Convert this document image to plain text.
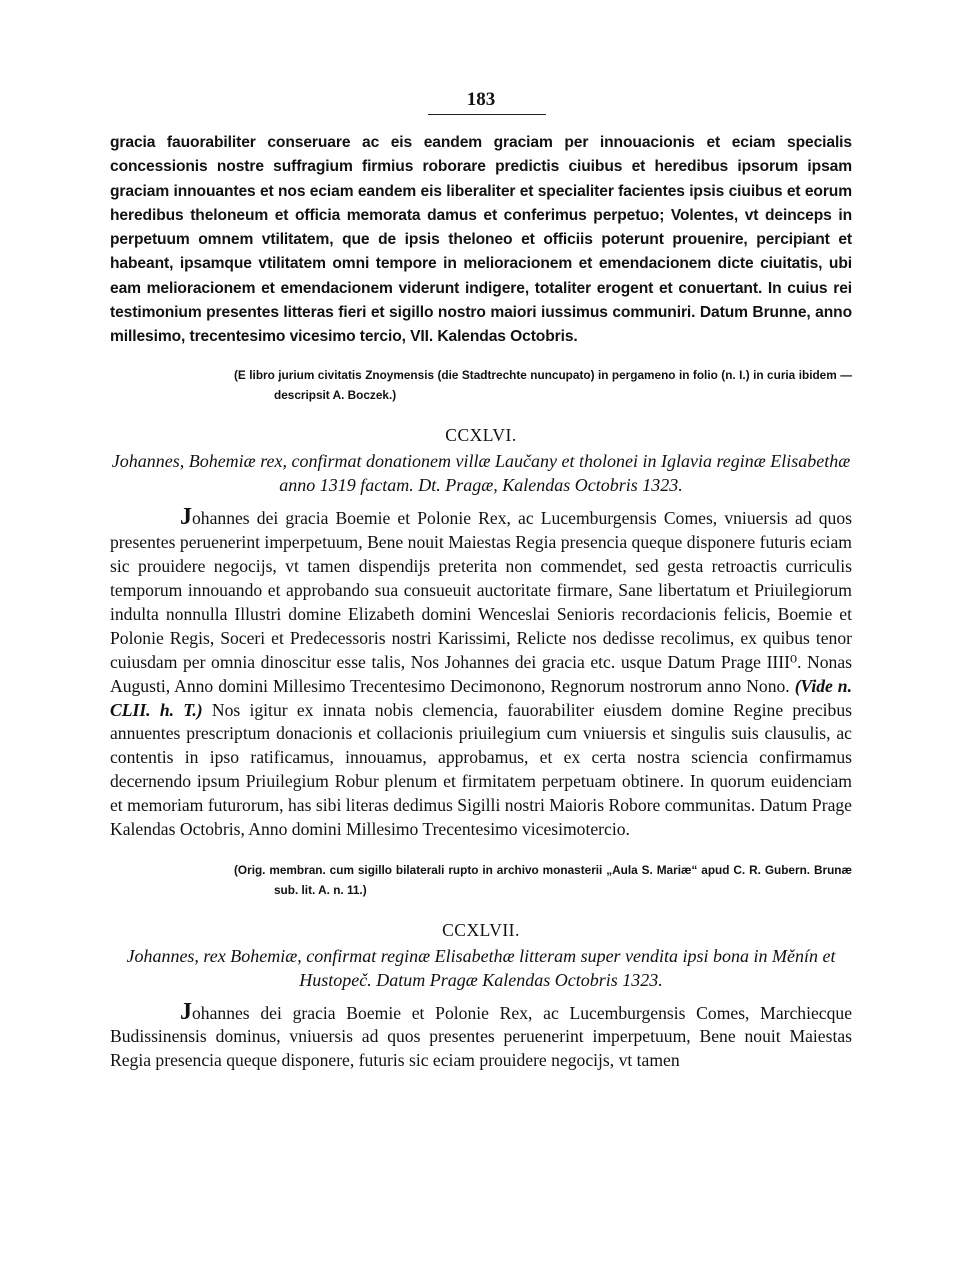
183

gracia fauorabiliter conseruare ac eis eandem graciam per innouacionis et eciam specialis concessionis nostre suffragium firmius roborare predictis ciuibus et heredibus ipsorum ipsam graciam innouantes et nos eciam eandem eis liberaliter et specialiter facientes ipsis ciuibus et eorum heredibus theloneum et officia memorata damus et conferimus perpetuo; Volentes, vt deinceps in perpetuum omnem vtilitatem, que de ipsis theloneo et officiis poterunt prouenire, percipiant et habeant, ipsamque vtilitatem omni tempore in melioracionem et emendacionem dicte ciuitatis, ubi eam melioracionem et emendacionem viderunt indigere, totaliter erogent et conuertant. In cuius rei testimonium presentes litteras fieri et sigillo nostro maiori iussimus communiri. Datum Brunne, anno millesimo, trecentesimo vicesimo tercio, VII. Kalendas Octobris.

(E libro jurium civitatis Znoymensis (die Stadtrechte nuncupato) in pergameno in folio (n. I.) in curia ibidem — descripsit A. Boczek.)

CCXLVI.

Johannes, Bohemiæ rex, confirmat donationem villæ Laučany et tholonei in Iglavia reginæ Elisabethæ anno 1319 factam. Dt. Pragæ, Kalendas Octobris 1323.

Johannes dei gracia Boemie et Polonie Rex, ac Lucemburgensis Comes, vniuersis ad quos presentes peruenerint imperpetuum, Bene nouit Maiestas Regia presencia queque disponere futuris eciam sic prouidere negocijs, vt tamen dispendijs preterita non commendet, sed gesta retroactis curriculis temporum innouando et approbando sua consueuit auctoritate firmare, Sane libertatum et Priuilegiorum indulta nonnulla Illustri domine Elizabeth domini Wenceslai Senioris recordacionis felicis, Boemie et Polonie Regis, Soceri et Predecessoris nostri Karissimi, Relicte nos dedisse recolimus, ex quibus tenor cuiusdam per omnia dinoscitur esse talis, Nos Johannes dei gracia etc. usque Datum Prage IIII⁰. Nonas Augusti, Anno domini Millesimo Trecentesimo Decimonono, Regnorum nostrorum anno Nono. (Vide n. CLII. h. T.) Nos igitur ex innata nobis clemencia, fauorabiliter eiusdem domine Regine precibus annuentes prescriptum donacionis et collacionis priuilegium cum vniuersis et singulis suis clausulis, ac contentis in ipso ratificamus, innouamus, approbamus, et ex certa nostra sciencia confirmamus decernendo ipsum Priuilegium Robur plenum et firmitatem perpetuam obtinere. In quorum euidenciam et memoriam futurorum, has sibi literas dedimus Sigilli nostri Maioris Robore communitas. Datum Prage Kalendas Octobris, Anno domini Millesimo Trecentesimo vicesimotercio.

(Orig. membran. cum sigillo bilaterali rupto in archivo monasterii „Aula S. Mariæ“ apud C. R. Gubern. Brunæ sub. lit. A. n. 11.)

CCXLVII.

Johannes, rex Bohemiæ, confirmat reginæ Elisabethæ litteram super vendita ipsi bona in Měnín et Hustopeč. Datum Pragæ Kalendas Octobris 1323.

Johannes dei gracia Boemie et Polonie Rex, ac Lucemburgensis Comes, Marchiecque Budissinensis dominus, vniuersis ad quos presentes peruenerint imperpetuum, Bene nouit Maiestas Regia presencia queque disponere, futuris sic eciam prouidere negocijs, vt tamen
